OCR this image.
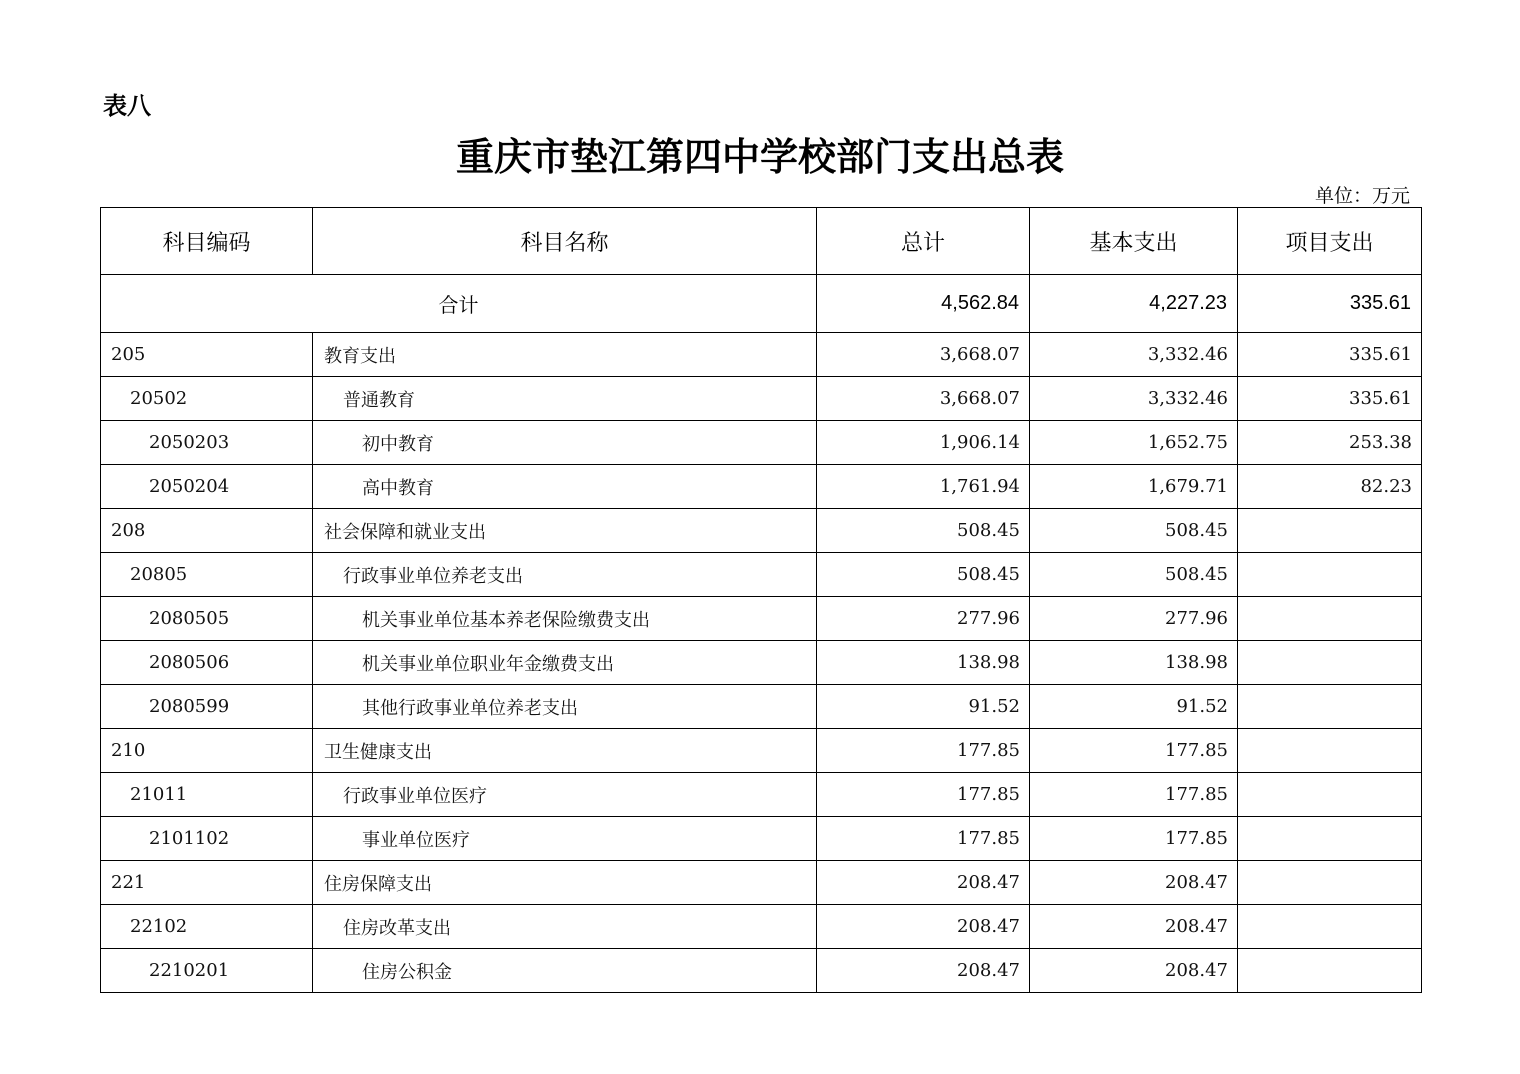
表八
重庆市垫江第四中学校部门支出总表
单位：万元
科目编码	科目名称	总计	基本支出	项目支出
合计		4,562.84	4,227.23	335.61
205	教育支出	3,668.07	3,332.46	335.61
20502	普通教育	3,668.07	3,332.46	335.61
2050203	初中教育	1,906.14	1,652.75	253.38
2050204	高中教育	1,761.94	1,679.71	82.23
208	社会保障和就业支出	508.45	508.45	
20805	行政事业单位养老支出	508.45	508.45	
2080505	机关事业单位基本养老保险缴费支出	277.96	277.96	
2080506	机关事业单位职业年金缴费支出	138.98	138.98	
2080599	其他行政事业单位养老支出	91.52	91.52	
210	卫生健康支出	177.85	177.85	
21011	行政事业单位医疗	177.85	177.85	
2101102	事业单位医疗	177.85	177.85	
221	住房保障支出	208.47	208.47	
22102	住房改革支出	208.47	208.47	
2210201	住房公积金	208.47	208.47	
